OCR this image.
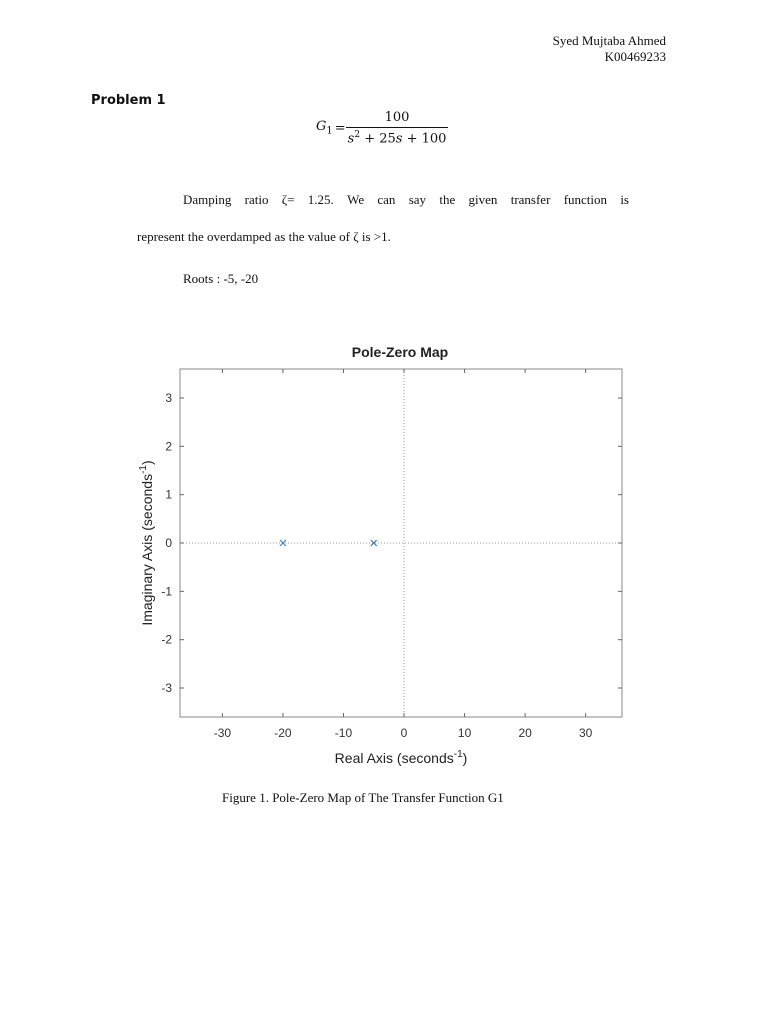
Syed Mujtaba Ahmed
K00469233
Problem 1
$G_1 = \frac{100}{s^2 + 25s + 100}$
Damping ratio ζ= 1.25. We can say the given transfer function is
represent the overdamped as the value of ζ is >1.
Roots : -5, -20
Pole-Zero Map
-30	-20	-10	0	10	20	30
-3
-2
-1
0
1
2
3
Real Axis (seconds$^{-1}$)
Imaginary Axis (seconds$^{-1}$)
Figure 1. Pole-Zero Map of The Transfer Function G1
